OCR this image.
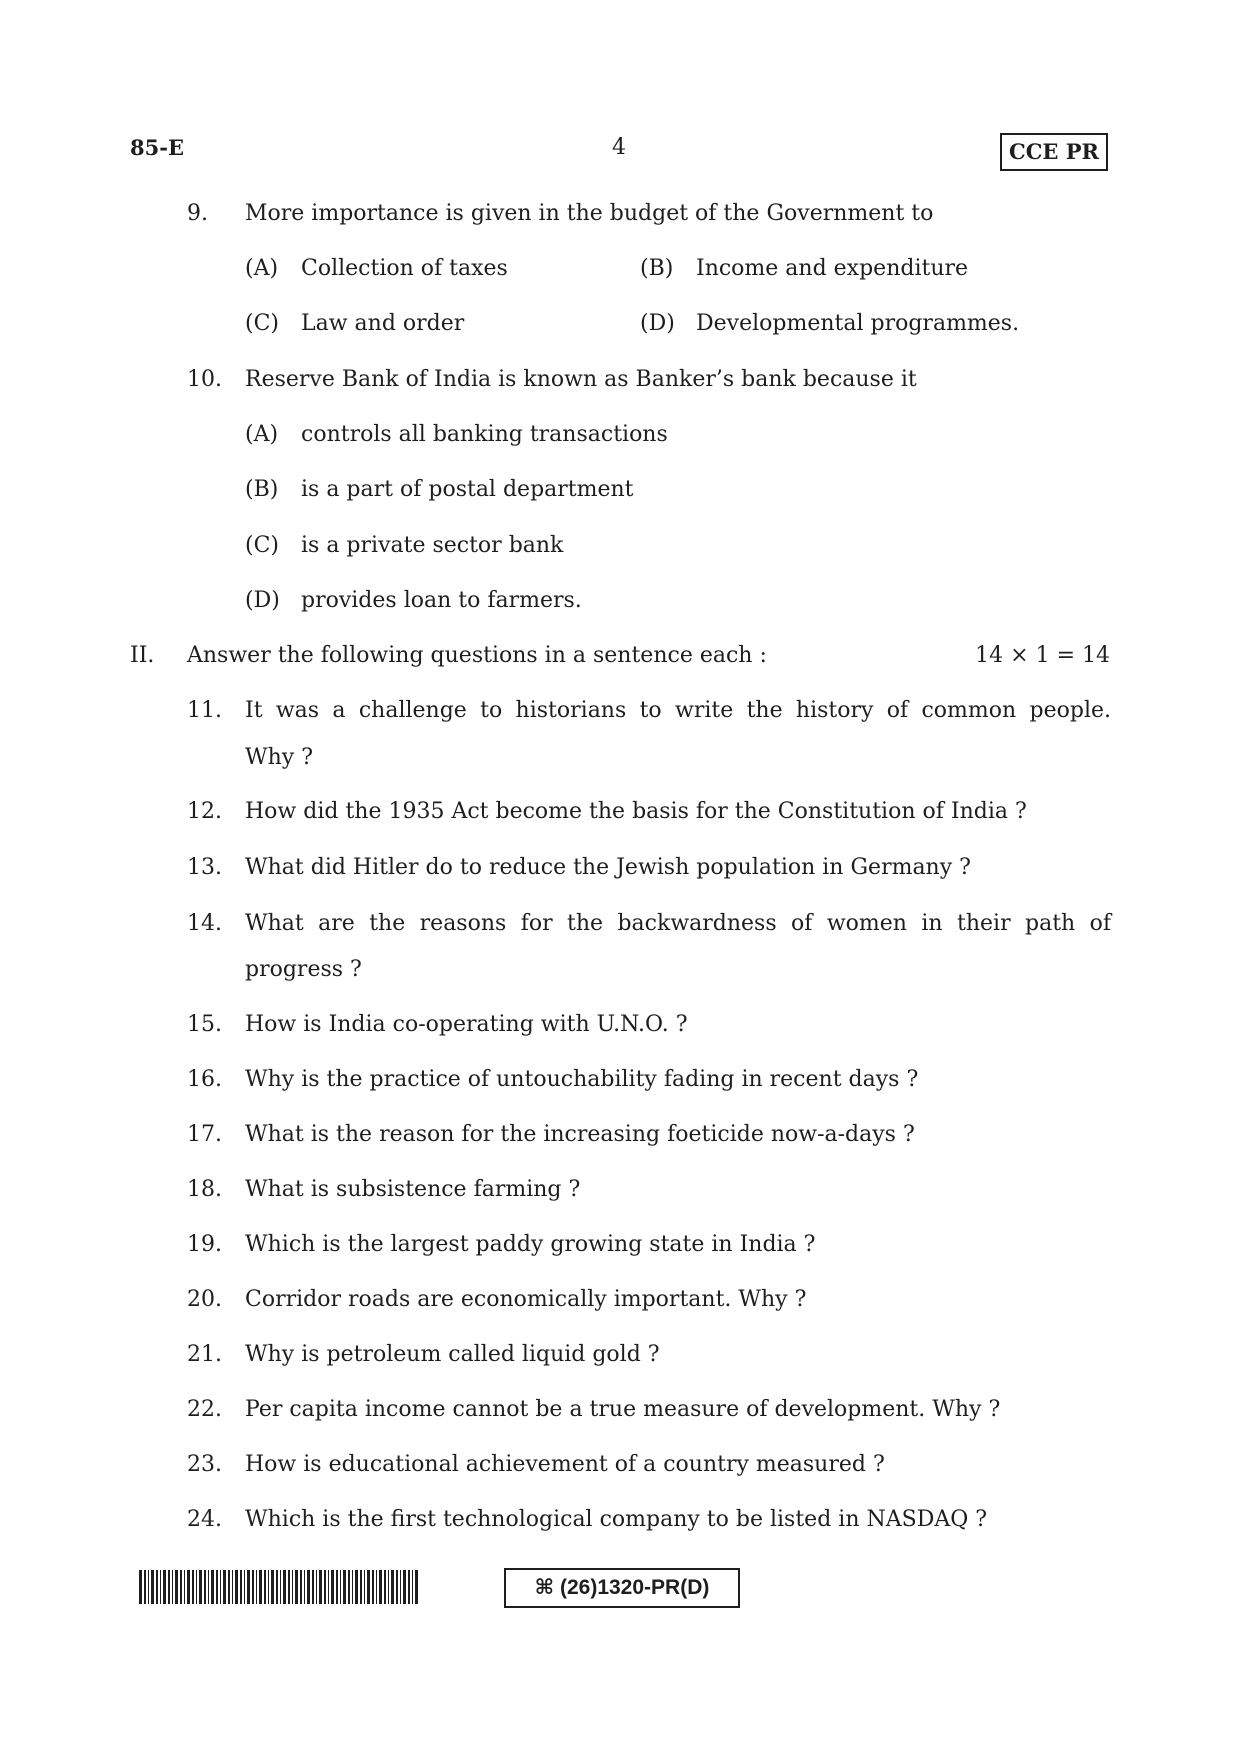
85-E	4	CCE PR
9. More importance is given in the budget of the Government to
(A) Collection of taxes	(B) Income and expenditure
(C) Law and order	(D) Developmental programmes.
10. Reserve Bank of India is known as Banker’s bank because it
(A) controls all banking transactions
(B) is a part of postal department
(C) is a private sector bank
(D) provides loan to farmers.
II. Answer the following questions in a sentence each :	14 × 1 = 14
11. It was a challenge to historians to write the history of common people.
Why ?
12. How did the 1935 Act become the basis for the Constitution of India ?
13. What did Hitler do to reduce the Jewish population in Germany ?
14. What are the reasons for the backwardness of women in their path of
progress ?
15. How is India co-operating with U.N.O. ?
16. Why is the practice of untouchability fading in recent days ?
17. What is the reason for the increasing foeticide now-a-days ?
18. What is subsistence farming ?
19. Which is the largest paddy growing state in India ?
20. Corridor roads are economically important. Why ?
21. Why is petroleum called liquid gold ?
22. Per capita income cannot be a true measure of development. Why ?
23. How is educational achievement of a country measured ?
24. Which is the first technological company to be listed in NASDAQ ?
⌘ (26)1320-PR(D)
